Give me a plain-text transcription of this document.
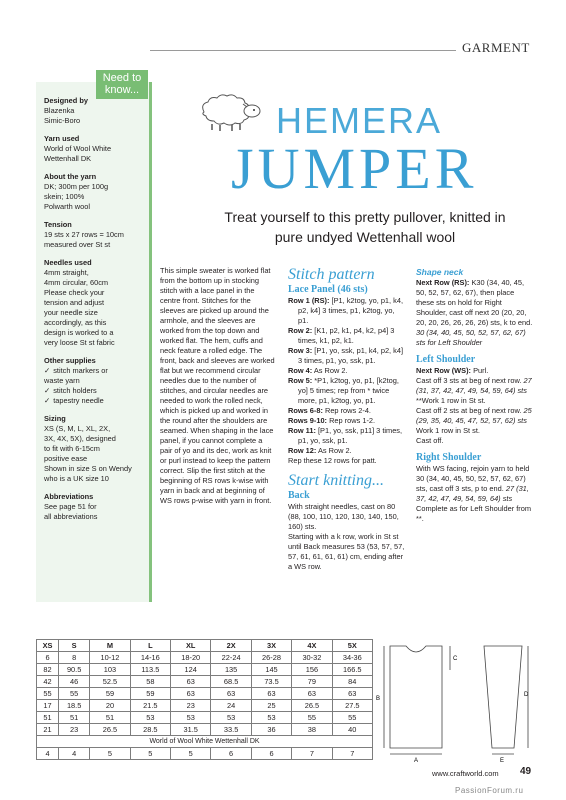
GARMENT
Need to know...

Designed by

Blazenka
Simic-Boro

Yarn used

World of Wool White
Wettenhall DK

About the yarn

DK; 300m per 100g
skein; 100%
Polwarth wool

Tension

19 sts x 27 rows = 10cm
measured over St st

Needles used

4mm straight,
4mm circular, 60cm
Please check your
tension and adjust
your needle size
accordingly, as this
design is worked to a
very loose St st fabric

Other supplies

✓ stitch markers or
waste yarn
✓ stitch holders
✓ tapestry needle

Sizing

XS (S, M, L, XL, 2X,
3X, 4X, 5X), designed
to fit with 6-15cm
positive ease
Shown in size S on Wendy
who is a UK size 10

Abbreviations

See page 51 for
all abbreviations

HEMERA
JUMPER
Treat yourself to this pretty pullover, knitted in
pure undyed Wettenhall wool

This simple sweater is worked flat from the bottom up in stocking stitch with a lace panel in the centre front. Stitches for the sleeves are picked up around the armhole, and the sleeves are worked from the top down and worked flat. The hem, cuffs and neck feature a rolled edge. The front, back and sleeves are worked flat but we recommend circular needles due to the number of stitches, and circular needles are needed to work the rolled neck, which is picked up and worked in the round after the shoulders are seamed. When shaping in the lace panel, if you cannot complete a pair of yo and its dec, work as knit or purl instead to keep the pattern correct. Slip the first stitch at the beginning of RS rows k-wise with yarn in back and at beginning of WS rows p-wise with yarn in front.

Stitch pattern

Lace Panel (46 sts)

Row 1 (RS): [P1, k2tog, yo, p1, k4, p2, k4] 3 times, p1, k2tog, yo, p1.

Row 2: [K1, p2, k1, p4, k2, p4] 3 times, k1, p2, k1.

Row 3: [P1, yo, ssk, p1, k4, p2, k4] 3 times, p1, yo, ssk, p1.

Row 4: As Row 2.

Row 5: *P1, k2tog, yo, p1, [k2tog, yo] 5 times; rep from * twice more, p1, k2tog, yo, p1.

Rows 6-8: Rep rows 2-4.

Rows 9-10: Rep rows 1-2.

Row 11: [P1, yo, ssk, p11] 3 times, p1, yo, ssk, p1.

Row 12: As Row 2.

Rep these 12 rows for patt.

Start knitting...

Back

With straight needles, cast on 80 (88, 100, 110, 120, 130, 140, 150, 160) sts.
Starting with a k row, work in St st until Back measures 53 (53, 57, 57, 57, 61, 61, 61, 61) cm, ending after a WS row.

Shape neck

Next Row (RS): K30 (34, 40, 45, 50, 52, 57, 62, 67), then place these sts on hold for Right Shoulder, cast off next 20 (20, 20, 20, 20, 26, 26, 26, 26) sts, k to end. 30 (34, 40, 45, 50, 52, 57, 62, 67) sts for Left Shoulder

Left Shoulder

Next Row (WS): Purl.

Cast off 3 sts at beg of next row. 27 (31, 37, 42, 47, 49, 54, 59, 64) sts

**Work 1 row in St st.

Cast off 2 sts at beg of next row. 25 (29, 35, 40, 45, 47, 52, 57, 62) sts

Work 1 row in St st.

Cast off.

Right Shoulder

With WS facing, rejoin yarn to held 30 (34, 40, 45, 50, 52, 57, 62, 67) sts, cast off 3 sts, p to end. 27 (31, 37, 42, 47, 49, 54, 59, 64) sts

Complete as for Left Shoulder from **.

XS	S	M	L	XL	2X	3X	4X	5X
6	8	10-12	14-16	18-20	22-24	26-28	30-32	34-36
82	90.5	103	113.5	124	135	145	156	166.5
42	46	52.5	58	63	68.5	73.5	79	84
55	55	59	59	63	63	63	63	63
17	18.5	20	21.5	23	24	25	26.5	27.5
51	51	51	53	53	53	53	55	55
21	23	26.5	28.5	31.5	33.5	36	38	40
World of Wool White Wettenhall DK								
4	4	5	5	5	6	6	7	7
A
B
C
D
E
www.craftworld.com 49
PassionForum.ru
